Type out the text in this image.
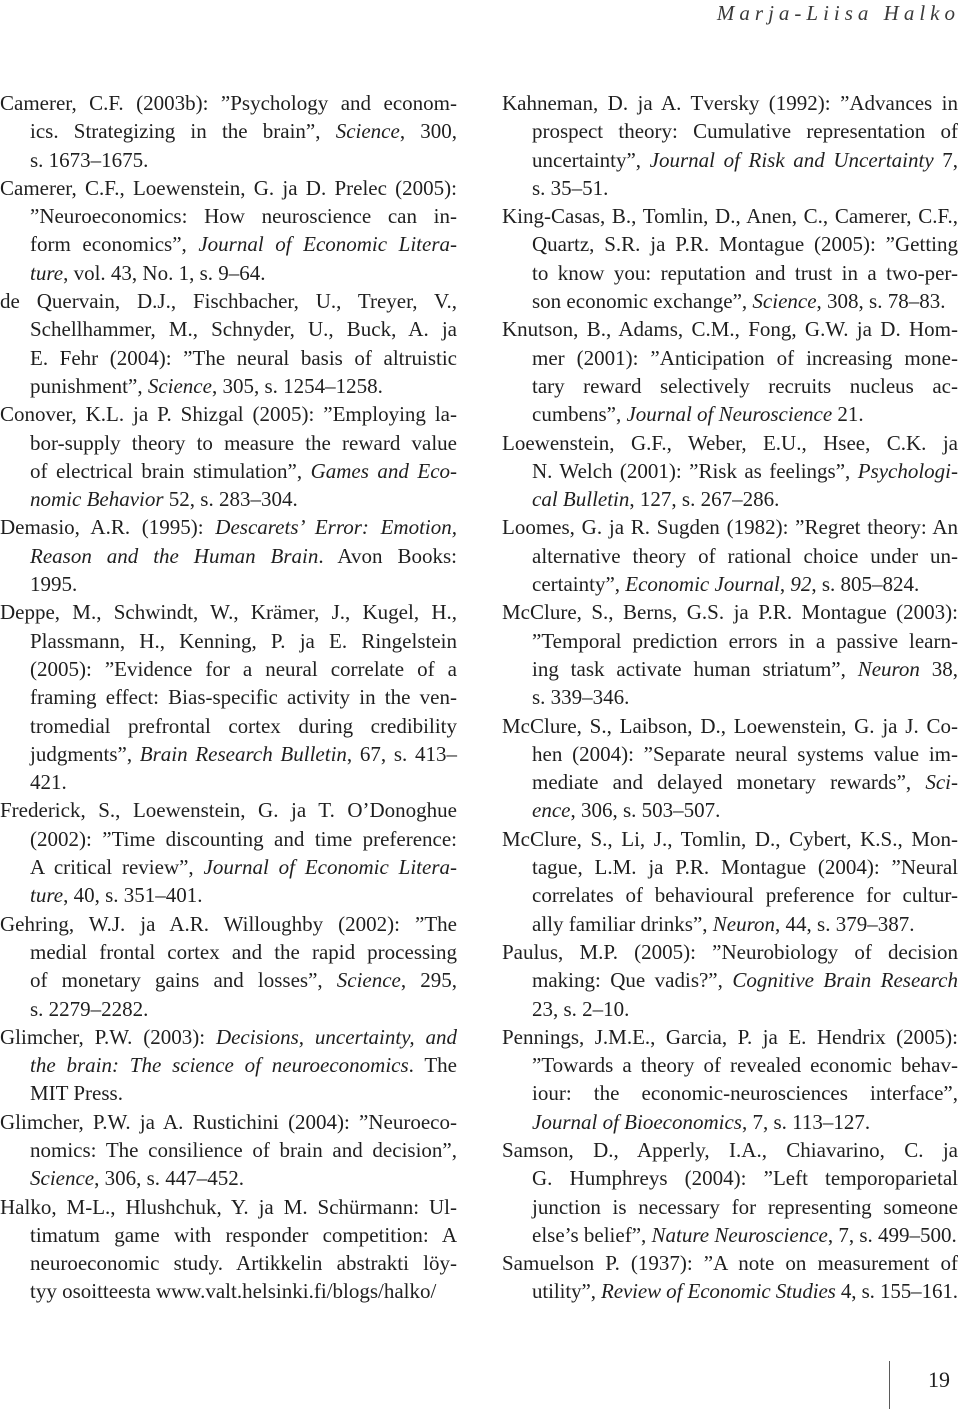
Marja-Liisa Halko
Camerer, C.F. (2003b): ”Psychology and econom-
ics. Strategizing in the brain”, Science, 300,
s. 1673–1675.
Camerer, C.F., Loewenstein, G. ja D. Prelec (2005):
”Neuroeconomics: How neuroscience can in-
form economics”, Journal of Economic Litera-
ture, vol. 43, No. 1, s. 9–64.
de Quervain, D.J., Fischbacher, U., Treyer, V.,
Schellhammer, M., Schnyder, U., Buck, A. ja
E. Fehr (2004): ”The neural basis of altruistic
punishment”, Science, 305, s. 1254–1258.
Conover, K.L. ja P. Shizgal (2005): ”Employing la-
bor-supply theory to measure the reward value
of electrical brain stimulation”, Games and Eco-
nomic Behavior 52, s. 283–304.
Demasio, A.R. (1995): Descarets’ Error: Emotion,
Reason and the Human Brain. Avon Books:
1995.
Deppe, M., Schwindt, W., Krämer, J., Kugel, H.,
Plassmann, H., Kenning, P. ja E. Ringelstein
(2005): ”Evidence for a neural correlate of a
framing effect: Bias-specific activity in the ven-
tromedial prefrontal cortex during credibility
judgments”, Brain Research Bulletin, 67, s. 413–
421.
Frederick, S., Loewenstein, G. ja T. O’Donoghue
(2002): ”Time discounting and time preference:
A critical review”, Journal of Economic Litera-
ture, 40, s. 351–401.
Gehring, W.J. ja A.R. Willoughby (2002): ”The
medial frontal cortex and the rapid processing
of monetary gains and losses”, Science, 295,
s. 2279–2282.
Glimcher, P.W. (2003): Decisions, uncertainty, and
the brain: The science of neuroeconomics. The
MIT Press.
Glimcher, P.W. ja A. Rustichini (2004): ”Neuroeco-
nomics: The consilience of brain and decision”,
Science, 306, s. 447–452.
Halko, M-L., Hlushchuk, Y. ja M. Schürmann: Ul-
timatum game with responder competition: A
neuroeconomic study. Artikkelin abstrakti löy-
tyy osoitteesta www.valt.helsinki.fi/blogs/halko/
Kahneman, D. ja A. Tversky (1992): ”Advances in
prospect theory: Cumulative representation of
uncertainty”, Journal of Risk and Uncertainty 7,
s. 35–51.
King-Casas, B., Tomlin, D., Anen, C., Camerer, C.F.,
Quartz, S.R. ja P.R. Montague (2005): ”Getting
to know you: reputation and trust in a two-per-
son economic exchange”, Science, 308, s. 78–83.
Knutson, B., Adams, C.M., Fong, G.W. ja D. Hom-
mer (2001): ”Anticipation of increasing mone-
tary reward selectively recruits nucleus ac-
cumbens”, Journal of Neuroscience 21.
Loewenstein, G.F., Weber, E.U., Hsee, C.K. ja
N. Welch (2001): ”Risk as feelings”, Psychologi-
cal Bulletin, 127, s. 267–286.
Loomes, G. ja R. Sugden (1982): ”Regret theory: An
alternative theory of rational choice under un-
certainty”, Economic Journal, 92, s. 805–824.
McClure, S., Berns, G.S. ja P.R. Montague (2003):
”Temporal prediction errors in a passive learn-
ing task activate human striatum”, Neuron 38,
s. 339–346.
McClure, S., Laibson, D., Loewenstein, G. ja J. Co-
hen (2004): ”Separate neural systems value im-
mediate and delayed monetary rewards”, Sci-
ence, 306, s. 503–507.
McClure, S., Li, J., Tomlin, D., Cybert, K.S., Mon-
tague, L.M. ja P.R. Montague (2004): ”Neural
correlates of behavioural preference for cultur-
ally familiar drinks”, Neuron, 44, s. 379–387.
Paulus, M.P. (2005): ”Neurobiology of decision
making: Que vadis?”, Cognitive Brain Research
23, s. 2–10.
Pennings, J.M.E., Garcia, P. ja E. Hendrix (2005):
”Towards a theory of revealed economic behav-
iour: the economic-neurosciences interface”,
Journal of Bioeconomics, 7, s. 113–127.
Samson, D., Apperly, I.A., Chiavarino, C. ja
G. Humphreys (2004): ”Left temporoparietal
junction is necessary for representing someone
else’s belief”, Nature Neuroscience, 7, s. 499–500.
Samuelson P. (1937): ”A note on measurement of
utility”, Review of Economic Studies 4, s. 155–161.
19
